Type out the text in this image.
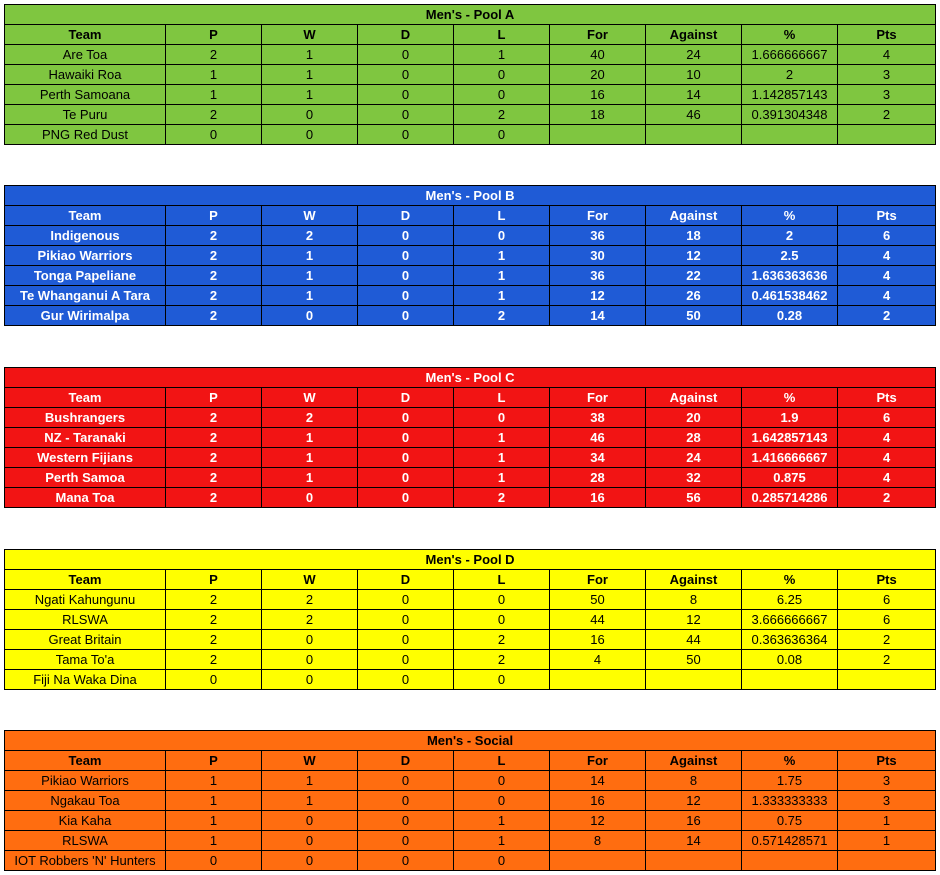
Men's - Pool A								
Team	P	W	D	L	For	Against	%	Pts
Are Toa	2	1	0	1	40	24	1.666666667	4
Hawaiki Roa	1	1	0	0	20	10	2	3
Perth Samoana	1	1	0	0	16	14	1.142857143	3
Te Puru	2	0	0	2	18	46	0.391304348	2
PNG Red Dust	0	0	0	0				
Men's - Pool B								
Team	P	W	D	L	For	Against	%	Pts
Indigenous	2	2	0	0	36	18	2	6
Pikiao Warriors	2	1	0	1	30	12	2.5	4
Tonga Papeliane	2	1	0	1	36	22	1.636363636	4
Te Whanganui A Tara	2	1	0	1	12	26	0.461538462	4
Gur Wirimalpa	2	0	0	2	14	50	0.28	2
Men's - Pool C								
Team	P	W	D	L	For	Against	%	Pts
Bushrangers	2	2	0	0	38	20	1.9	6
NZ - Taranaki	2	1	0	1	46	28	1.642857143	4
Western Fijians	2	1	0	1	34	24	1.416666667	4
Perth Samoa	2	1	0	1	28	32	0.875	4
Mana Toa	2	0	0	2	16	56	0.285714286	2
Men's - Pool D								
Team	P	W	D	L	For	Against	%	Pts
Ngati Kahungunu	2	2	0	0	50	8	6.25	6
RLSWA	2	2	0	0	44	12	3.666666667	6
Great Britain	2	0	0	2	16	44	0.363636364	2
Tama To'a	2	0	0	2	4	50	0.08	2
Fiji Na Waka Dina	0	0	0	0				
Men's - Social								
Team	P	W	D	L	For	Against	%	Pts
Pikiao Warriors	1	1	0	0	14	8	1.75	3
Ngakau Toa	1	1	0	0	16	12	1.333333333	3
Kia Kaha	1	0	0	1	12	16	0.75	1
RLSWA	1	0	0	1	8	14	0.571428571	1
IOT Robbers 'N' Hunters	0	0	0	0				
